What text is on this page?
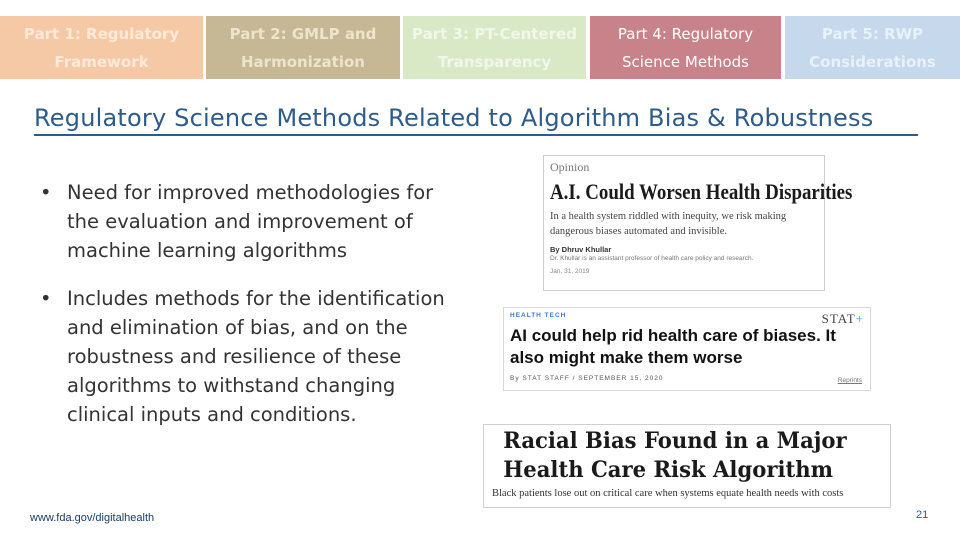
Part 1: Regulatory
Framework
Part 2: GMLP and
Harmonization
Part 3: PT-Centered
Transparency
Part 4: Regulatory
Science Methods
Part 5: RWP
Considerations
Regulatory Science Methods Related to Algorithm Bias & Robustness
• Need for improved methodologies for the evaluation and improvement of machine learning algorithms
• Includes methods for the identification and elimination of bias, and on the robustness and resilience of these algorithms to withstand changing clinical inputs and conditions.
Opinion
A.I. Could Worsen Health Disparities
In a health system riddled with inequity, we risk making dangerous biases automated and invisible.
By Dhruv Khullar
Dr. Khullar is an assistant professor of health care policy and research.
Jan. 31, 2019
HEALTH TECH	STAT+
AI could help rid health care of biases. It also might make them worse
By STAT STAFF / SEPTEMBER 15, 2020	Reprints
Racial Bias Found in a Major
Health Care Risk Algorithm
Black patients lose out on critical care when systems equate health needs with costs
www.fda.gov/digitalhealth	21
